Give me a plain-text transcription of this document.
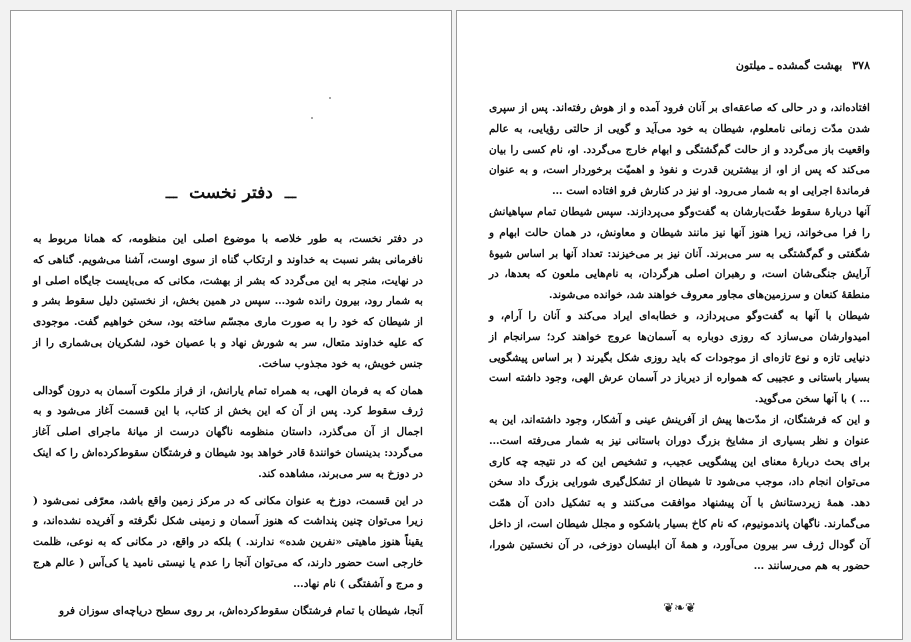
ـــ دفتر نخست ـــ

در دفتر نخست، به طور خلاصه با موضوع اصلی این منظومه، که همانا مربوط به نافرمانی بشر نسبت به خداوند و ارتکاب گناه از سوی اوست، آشنا می‌شویم. گناهی که در نهایت، منجر به این می‌گردد که بشر از بهشت، مکانی که می‌بایست جایگاه اصلی او به شمار رود، بیرون رانده شود… سپس در همین بخش، از نخستین دلیل سقوط بشر و از شیطان که خود را به صورت ماری مجسّم ساخته بود، سخن خواهیم گفت. موجودی که علیه خداوند متعال، سر به شورش نهاد و با عصیان خود، لشکریان بی‌شماری را از جنس خویش، به خود مجذوب ساخت.

همان که به فرمان الهی، به همراه تمام یارانش، از فراز ملکوت آسمان به درون گودالی ژرف سقوط کرد. پس از آن که این بخش از کتاب، با این قسمت آغاز می‌شود و به اجمال از آن می‌گذرد، داستان منظومه ناگهان درست از میانهٔ ماجرای اصلی آغاز می‌گردد: بدینسان خوانندهٔ قادر خواهد بود شیطان و فرشتگان سقوط‌کرده‌اش را که اینک در دوزخ به سر می‌برند، مشاهده کند.

در این قسمت، دوزخ به عنوان مکانی که در مرکز زمین واقع باشد، معرّفی نمی‌شود ( زیرا می‌توان چنین پنداشت که هنوز آسمان و زمینی شکل نگرفته و آفریده نشده‌اند، و یقیناً هنوز ماهیتی «نفرین شده» ندارند. ) بلکه در واقع، در مکانی که به نوعی، ظلمت خارجی است حضور دارند، که می‌توان آنجا را عدم یا نیستی نامید یا کی‌آس ( عالم هرج و مرج و آشفتگی ) نام نهاد…

آنجا، شیطان با تمام فرشتگان سقوط‌کرده‌اش، بر روی سطح دریاچه‌ای سوزان فرو

۳۷۸
بهشت گمشده ـ میلتون

افتاده‌اند، و در حالی که صاعقه‌ای بر آنان فرود آمده و از هوش رفته‌اند. پس از سپری شدن مدّت زمانی نامعلوم، شیطان به خود می‌آید و گویی از حالتی رؤیایی، به عالم واقعیت باز می‌گردد و از حالت گم‌گشتگی و ابهام خارج می‌گردد. او، نام کسی را بیان می‌کند که پس از او، از بیشترین قدرت و نفوذ و اهمیّت برخوردار است، و به عنوان فرماندهٔ اجرایی او به شمار می‌رود. او نیز در کنارش فرو افتاده است …

آنها دربارهٔ سقوط خفّت‌بارشان به گفت‌وگو می‌پردازند. سپس شیطان تمام سپاهیانش را فرا می‌خواند، زیرا هنوز آنها نیز مانند شیطان و معاونش، در همان حالت ابهام و شگفتی و گم‌گشتگی به سر می‌برند. آنان نیز بر می‌خیزند: تعداد آنها بر اساس شیوهٔ آرایش جنگی‌شان است، و رهبران اصلی هرگردان، به نام‌هایی ملعون که بعدها، در منطقهٔ کنعان و سرزمین‌های مجاور معروف خواهند شد، خوانده می‌شوند.

شیطان با آنها به گفت‌وگو می‌پردازد، و خطابه‌ای ایراد می‌کند و آنان را آرام، و امیدوارشان می‌سازد که روزی دوباره به آسمان‌ها عروج خواهند کرد؛ سرانجام از دنیایی تازه و نوع تازه‌ای از موجودات که باید روزی شکل بگیرند ( بر اساس پیشگویی بسیار باستانی و عجیبی که همواره از دیرباز در آسمان عرش الهی، وجود داشته است … ) با آنها سخن می‌گوید.

و این که فرشتگان، از مدّت‌ها پیش از آفرینش عینی و آشکار، وجود داشته‌اند، این به عنوان و نظر بسیاری از مشایخ بزرگ دوران باستانی نیز به شمار می‌رفته است… برای بحث دربارهٔ معنای این پیشگویی عجیب، و تشخیص این که در نتیجه چه کاری می‌توان انجام داد، موجب می‌شود تا شیطان از تشکل‌گیری شورایی بزرگ داد سخن دهد. همهٔ زیردستانش با آن پیشنهاد موافقت می‌کنند و به تشکیل دادن آن همّت می‌گمارند. ناگهان پاندمونیوم، که نام کاخ بسیار باشکوه و مجلل شیطان است، از داخل آن گودال ژرف سر بیرون می‌آورد، و همهٔ آن ابلیسان دوزخی، در آن نخستین شورا، حضور به هم می‌رسانند …

❦❧❦
